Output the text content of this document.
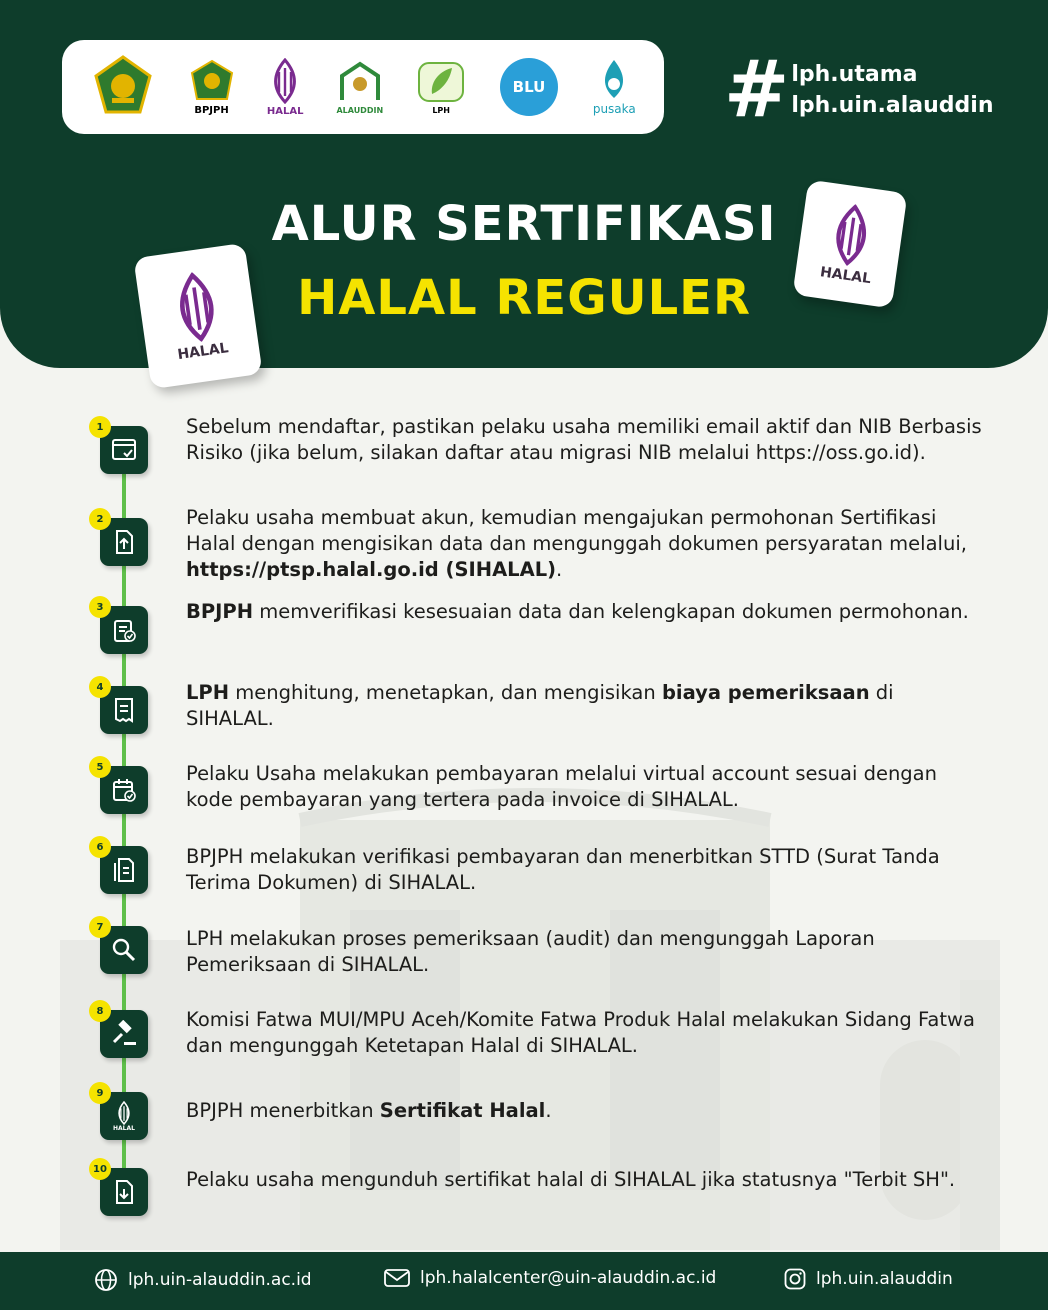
BPJPH	HALAL	ALAUDDIN	LPH
BLU
pusaka # lph.utama
lph.uin.alauddin
ALUR SERTIFIKASI
HALAL REGULER	HALAL
HALAL
1	Sebelum mendaftar, pastikan pelaku usaha memiliki email aktif dan NIB Berbasis Risiko (jika belum, silakan daftar atau migrasi NIB melalui https://oss.go.id).
2	Pelaku usaha membuat akun, kemudian mengajukan permohonan Sertifikasi Halal dengan mengisikan data dan mengunggah dokumen persyaratan melalui, https://ptsp.halal.go.id (SIHALAL).
3	BPJPH memverifikasi kesesuaian data dan kelengkapan dokumen permohonan.
4	LPH menghitung, menetapkan, dan mengisikan biaya pemeriksaan di SIHALAL.
5	Pelaku Usaha melakukan pembayaran melalui virtual account sesuai dengan kode pembayaran yang tertera pada invoice di SIHALAL.
6	BPJPH melakukan verifikasi pembayaran dan menerbitkan STTD (Surat Tanda Terima Dokumen) di SIHALAL.
7	LPH melakukan proses pemeriksaan (audit) dan mengunggah Laporan Pemeriksaan di SIHALAL.
8	Komisi Fatwa MUI/MPU Aceh/Komite Fatwa Produk Halal melakukan Sidang Fatwa dan mengunggah Ketetapan Halal di SIHALAL.
HALAL
9
BPJPH menerbitkan Sertifikat Halal.
10	Pelaku usaha mengunduh sertifikat halal di SIHALAL jika statusnya "Terbit SH".
lph.uin-alauddin.ac.id	lph.halalcenter@uin-alauddin.ac.id	lph.uin.alauddin
